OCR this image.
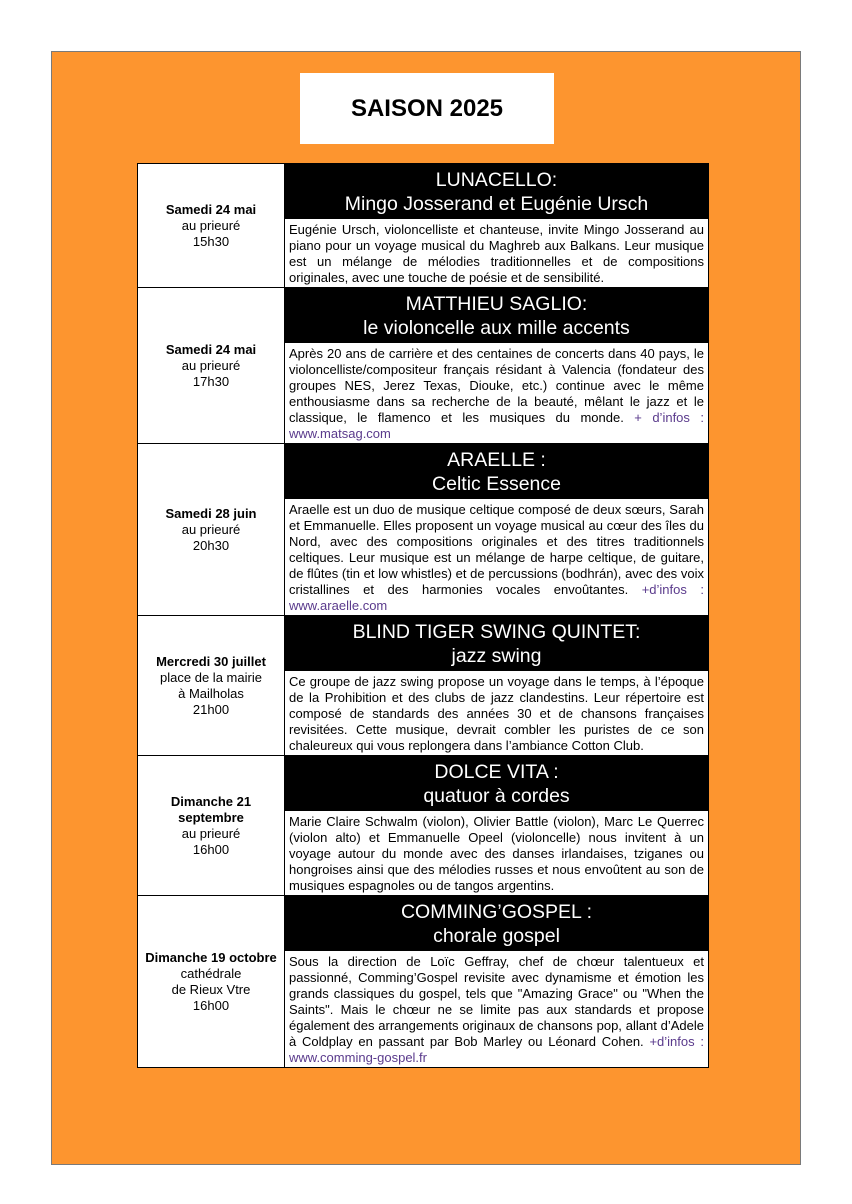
SAISON 2025
Samedi 24 mai
au prieuré
15h30
LUNACELLO:
Mingo Josserand et Eugénie Ursch
Eugénie Ursch, violoncelliste et chanteuse, invite Mingo Josserand au piano pour un voyage musical du Maghreb aux Balkans. Leur musique est un mélange de mélodies traditionnelles et de compositions originales, avec une touche de poésie et de sensibilité.
Samedi 24 mai
au prieuré
17h30
MATTHIEU SAGLIO:
le violoncelle aux mille accents
Après 20 ans de carrière et des centaines de concerts dans 40 pays, le violoncelliste/compositeur français résidant à Valencia (fondateur des groupes NES, Jerez Texas, Diouke, etc.) continue avec le même enthousiasme dans sa recherche de la beauté, mêlant le jazz et le classique, le flamenco et les musiques du monde. + d’infos : www.matsag.com
Samedi 28 juin
au prieuré
20h30
ARAELLE :
Celtic Essence
Araelle est un duo de musique celtique composé de deux sœurs, Sarah et Emmanuelle. Elles proposent un voyage musical au cœur des îles du Nord, avec des compositions originales et des titres traditionnels celtiques. Leur musique est un mélange de harpe celtique, de guitare, de flûtes (tin et low whistles) et de percussions (bodhrán), avec des voix cristallines et des harmonies vocales envoûtantes. +d’infos : www.araelle.com
Mercredi 30 juillet
place de la mairie
à Mailholas
21h00
BLIND TIGER SWING QUINTET:
jazz swing
Ce groupe de jazz swing propose un voyage dans le temps, à l’époque de la Prohibition et des clubs de jazz clandestins. Leur répertoire est composé de standards des années 30 et de chansons françaises revisitées. Cette musique, devrait combler les puristes de ce son chaleureux qui vous replongera dans l’ambiance Cotton Club.
Dimanche 21 septembre
au prieuré
16h00
DOLCE VITA :
quatuor à cordes
Marie Claire Schwalm (violon), Olivier Battle (violon), Marc Le Querrec (violon alto) et Emmanuelle Opeel (violoncelle) nous invitent à un voyage autour du monde avec des danses irlandaises, tziganes ou hongroises ainsi que des mélodies russes et nous envoûtent au son de musiques espagnoles ou de tangos argentins.
Dimanche 19 octobre
cathédrale
de Rieux Vtre
16h00
COMMING’GOSPEL :
chorale gospel
Sous la direction de Loïc Geffray, chef de chœur talentueux et passionné, Comming’Gospel revisite avec dynamisme et émotion les grands classiques du gospel, tels que "Amazing Grace" ou "When the Saints". Mais le chœur ne se limite pas aux standards et propose également des arrangements originaux de chansons pop, allant d’Adele à Coldplay en passant par Bob Marley ou Léonard Cohen. +d’infos : www.comming-gospel.fr
